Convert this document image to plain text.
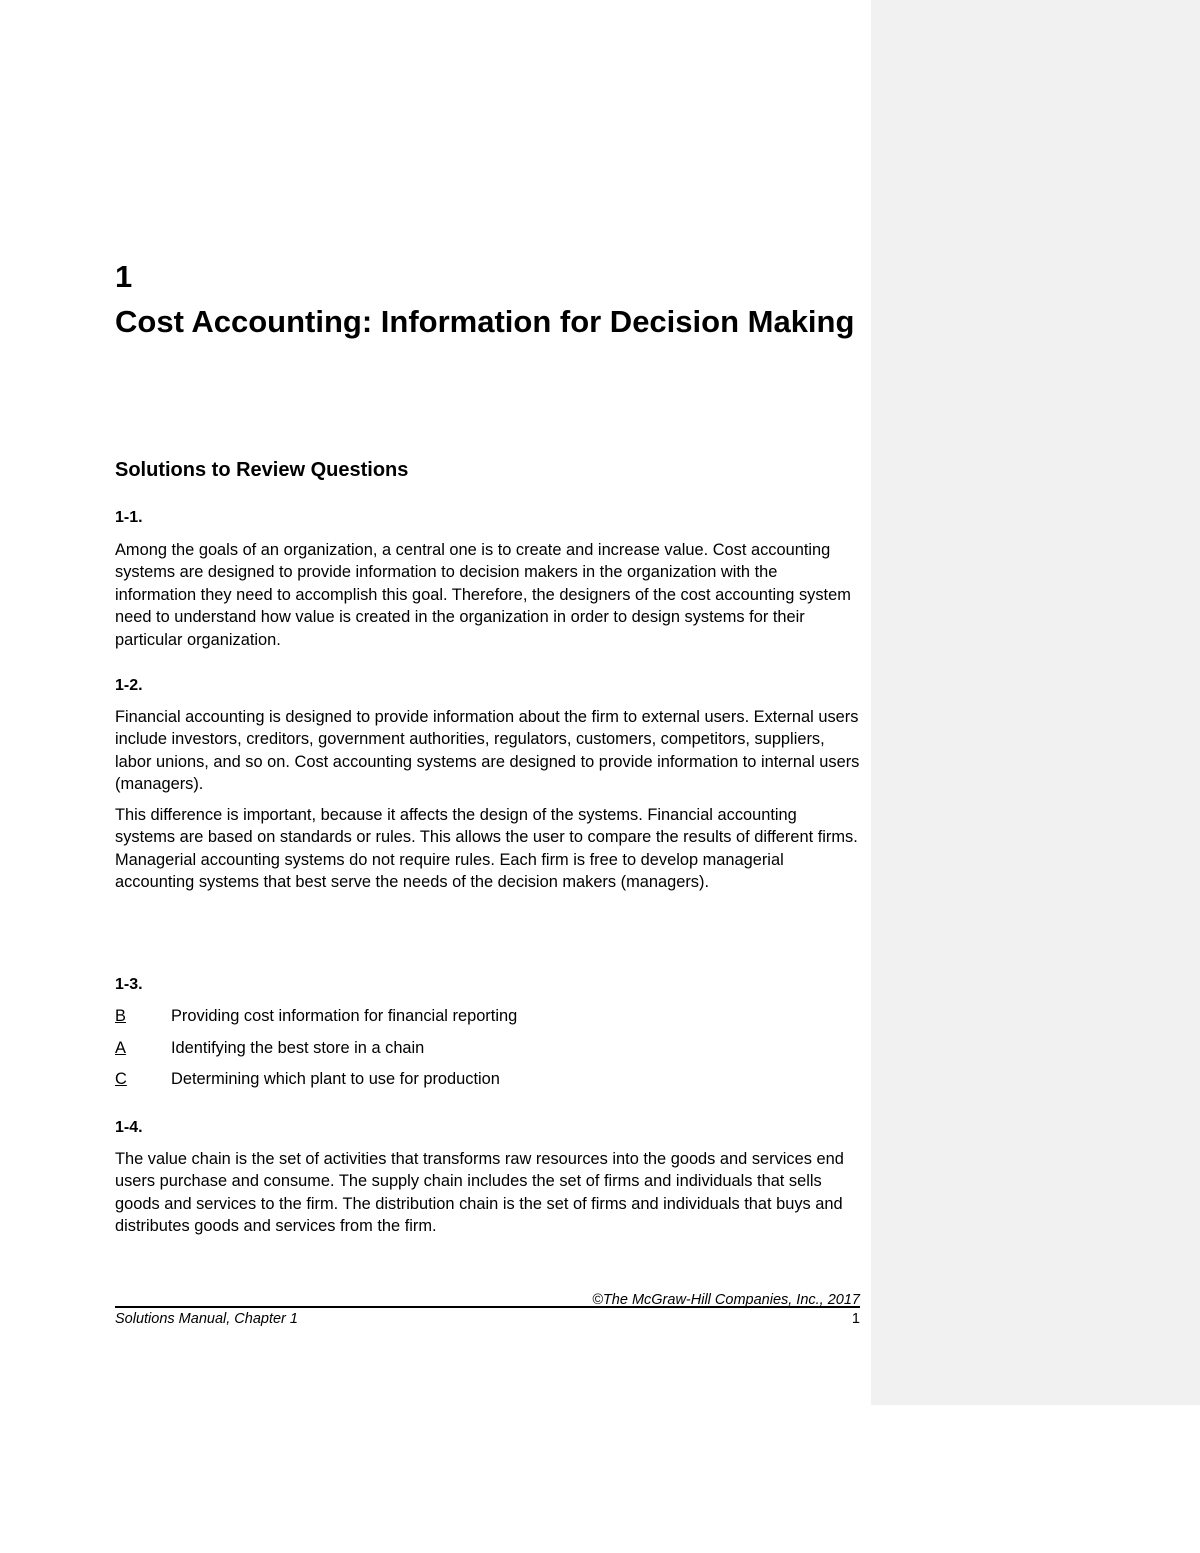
1
Cost Accounting: Information for Decision Making
Solutions to Review Questions
1-1.

Among the goals of an organization, a central one is to create and increase value. Cost accounting systems are designed to provide information to decision makers in the organization with the information they need to accomplish this goal. Therefore, the designers of the cost accounting system need to understand how value is created in the organization in order to design systems for their particular organization.

1-2.

Financial accounting is designed to provide information about the firm to external users. External users include investors, creditors, government authorities, regulators, customers, competitors, suppliers, labor unions, and so on. Cost accounting systems are designed to provide information to internal users (managers).

This difference is important, because it affects the design of the systems. Financial accounting systems are based on standards or rules. This allows the user to compare the results of different firms. Managerial accounting systems do not require rules. Each firm is free to develop managerial accounting systems that best serve the needs of the decision makers (managers).

1-3.
B	Providing cost information for financial reporting
A	Identifying the best store in a chain
C	Determining which plant to use for production
1-4.

The value chain is the set of activities that transforms raw resources into the goods and services end users purchase and consume. The supply chain includes the set of firms and individuals that sells goods and services to the firm. The distribution chain is the set of firms and individuals that buys and distributes goods and services from the firm.

©The McGraw-Hill Companies, Inc., 2017
Solutions Manual, Chapter 1	1
